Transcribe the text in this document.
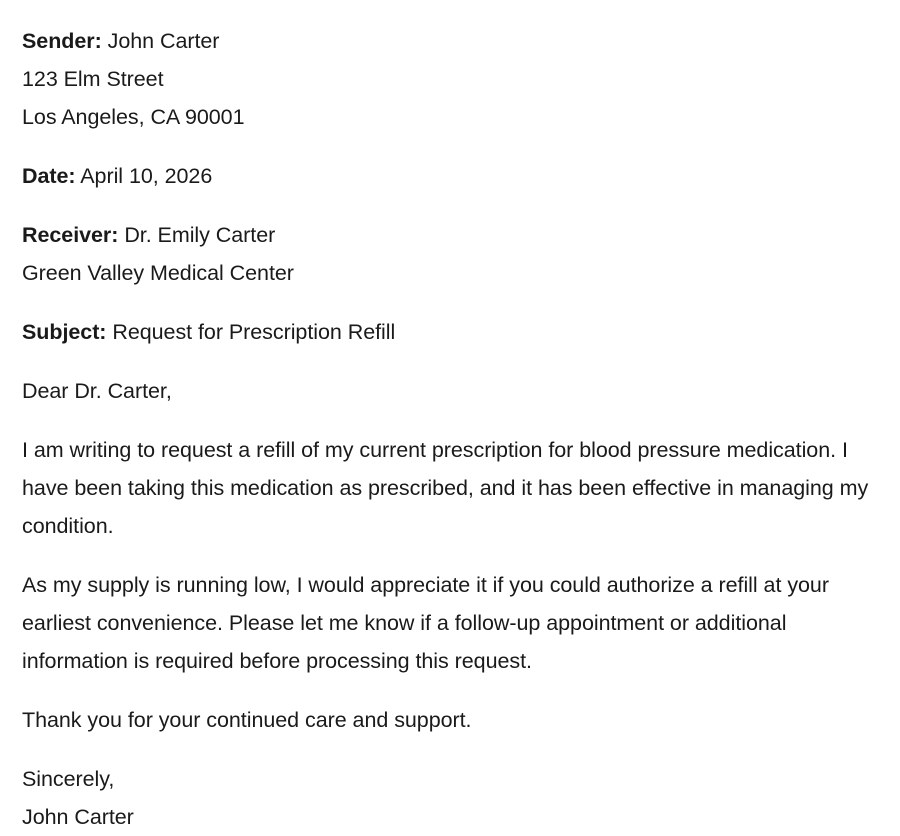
Sender: John Carter
123 Elm Street
Los Angeles, CA 90001
Date: April 10, 2026
Receiver: Dr. Emily Carter
Green Valley Medical Center
Subject: Request for Prescription Refill
Dear Dr. Carter,
I am writing to request a refill of my current prescription for blood pressure medication. I have been taking this medication as prescribed, and it has been effective in managing my condition.
As my supply is running low, I would appreciate it if you could authorize a refill at your earliest convenience. Please let me know if a follow-up appointment or additional information is required before processing this request.
Thank you for your continued care and support.
Sincerely,
John Carter
